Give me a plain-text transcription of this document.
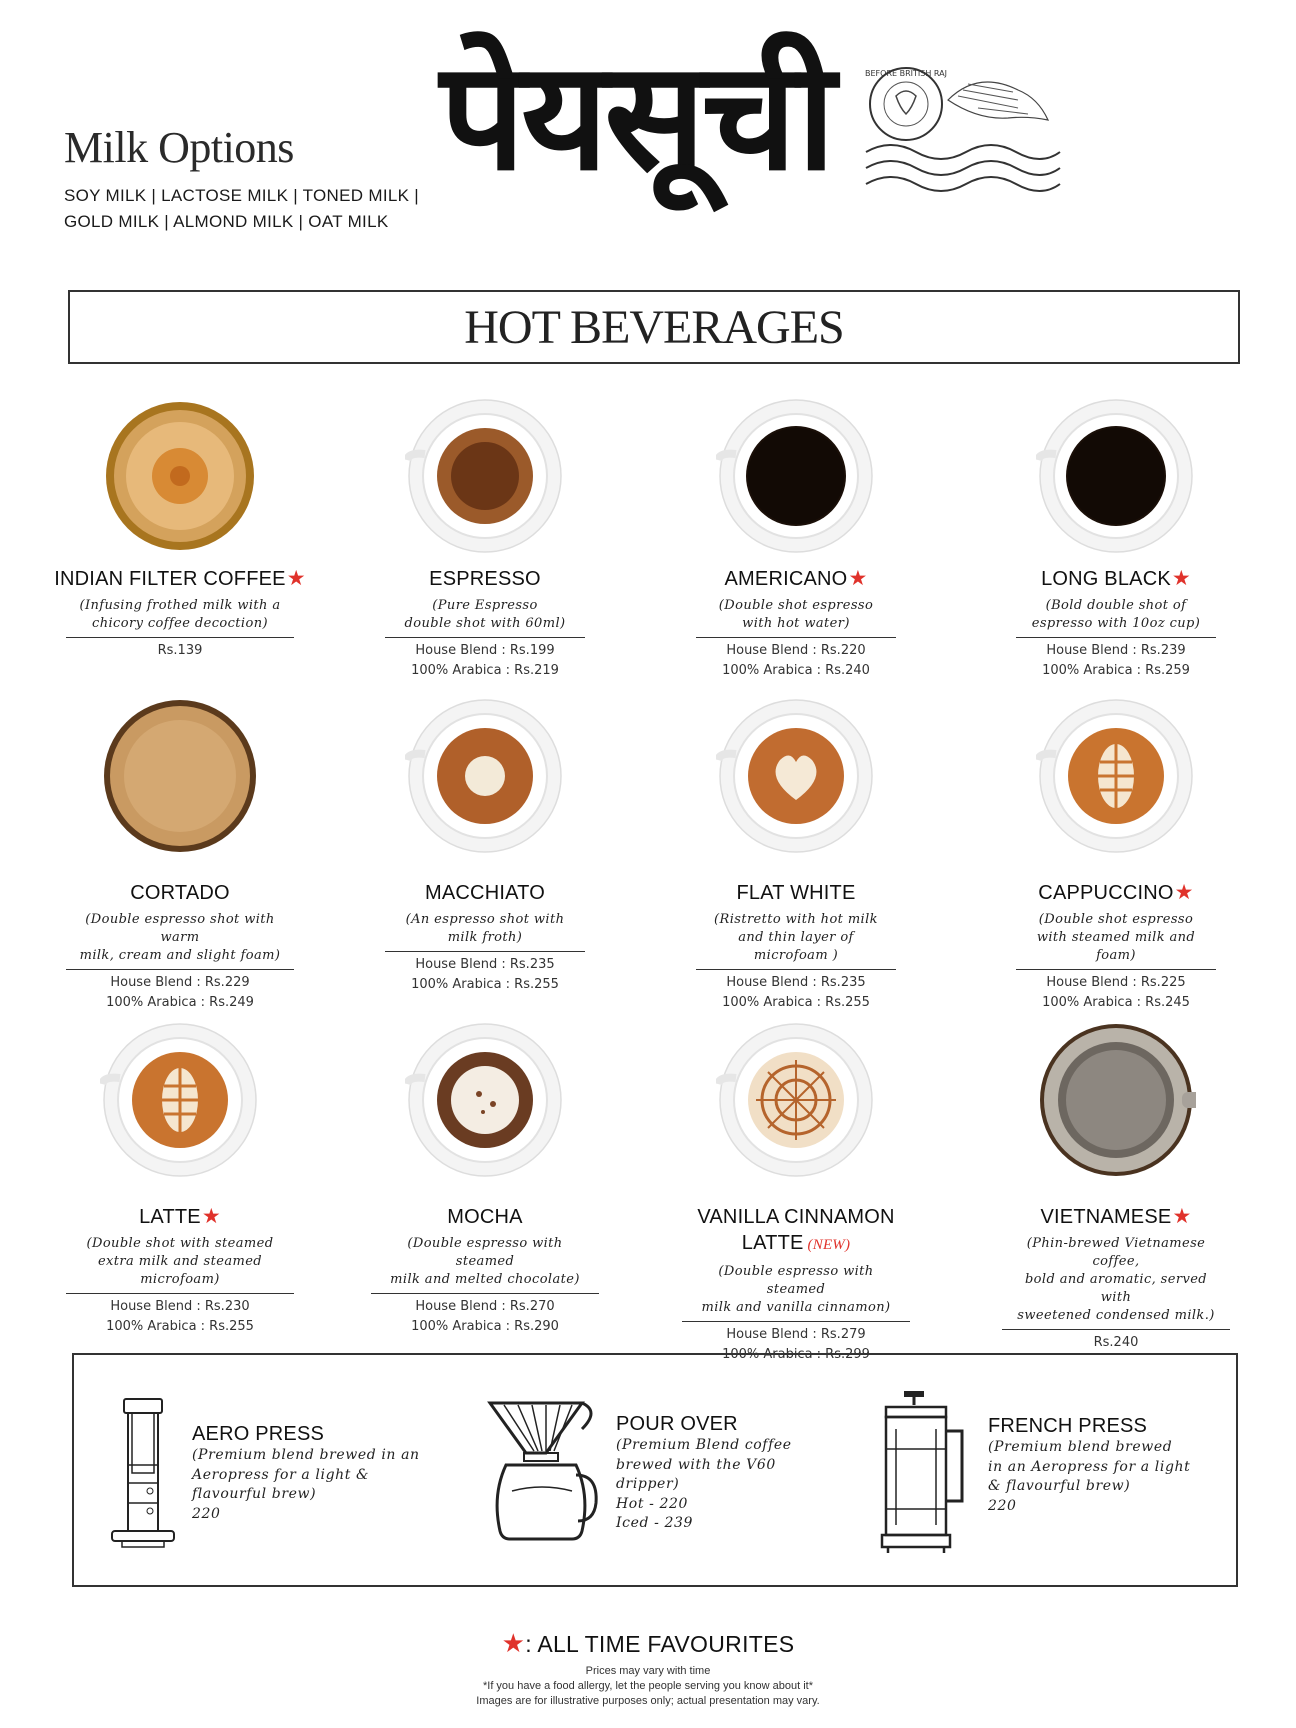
Milk Options
SOY MILK | LACTOSE MILK | TONED MILK |
GOLD MILK | ALMOND MILK | OAT MILK
पेयसूची	BEFORE BRITISH RAJ
HOT BEVERAGES
INDIAN FILTER COFFEE★
(Infusing frothed milk with a
chicory coffee decoction)
Rs.139
ESPRESSO
(Pure Espresso
double shot with 60ml)
House Blend : Rs.199
100% Arabica : Rs.219
AMERICANO★
(Double shot espresso
with hot water)
House Blend : Rs.220
100% Arabica : Rs.240
LONG BLACK★
(Bold double shot of
espresso with 10oz cup)
House Blend : Rs.239
100% Arabica : Rs.259
CORTADO
(Double espresso shot with warm
milk, cream and slight foam)
House Blend : Rs.229
100% Arabica : Rs.249
MACCHIATO
(An espresso shot with
milk froth)
House Blend : Rs.235
100% Arabica : Rs.255
FLAT WHITE
(Ristretto with hot milk
and thin layer of microfoam )
House Blend : Rs.235
100% Arabica : Rs.255
CAPPUCCINO★
(Double shot espresso
with steamed milk and foam)
House Blend : Rs.225
100% Arabica : Rs.245
LATTE★
(Double shot with steamed
extra milk and steamed
microfoam)
House Blend : Rs.230
100% Arabica : Rs.255
MOCHA
(Double espresso with steamed
milk and melted chocolate)
House Blend : Rs.270
100% Arabica : Rs.290
VANILLA CINNAMON
LATTE (NEW)
(Double espresso with steamed
milk and vanilla cinnamon)
House Blend : Rs.279
100% Arabica : Rs.299
VIETNAMESE★
(Phin-brewed Vietnamese coffee,
bold and aromatic, served with
sweetened condensed milk.)
Rs.240
AERO PRESS
(Premium blend brewed in an
Aeropress for a light &
flavourful brew)
220
POUR OVER
(Premium Blend coffee
brewed with the V60
dripper)
Hot - 220
Iced - 239
FRENCH PRESS
(Premium blend brewed
in an Aeropress for a light
& flavourful brew)
220
★: ALL TIME FAVOURITES
Prices may vary with time
*If you have a food allergy, let the people serving you know about it*
Images are for illustrative purposes only; actual presentation may vary.
